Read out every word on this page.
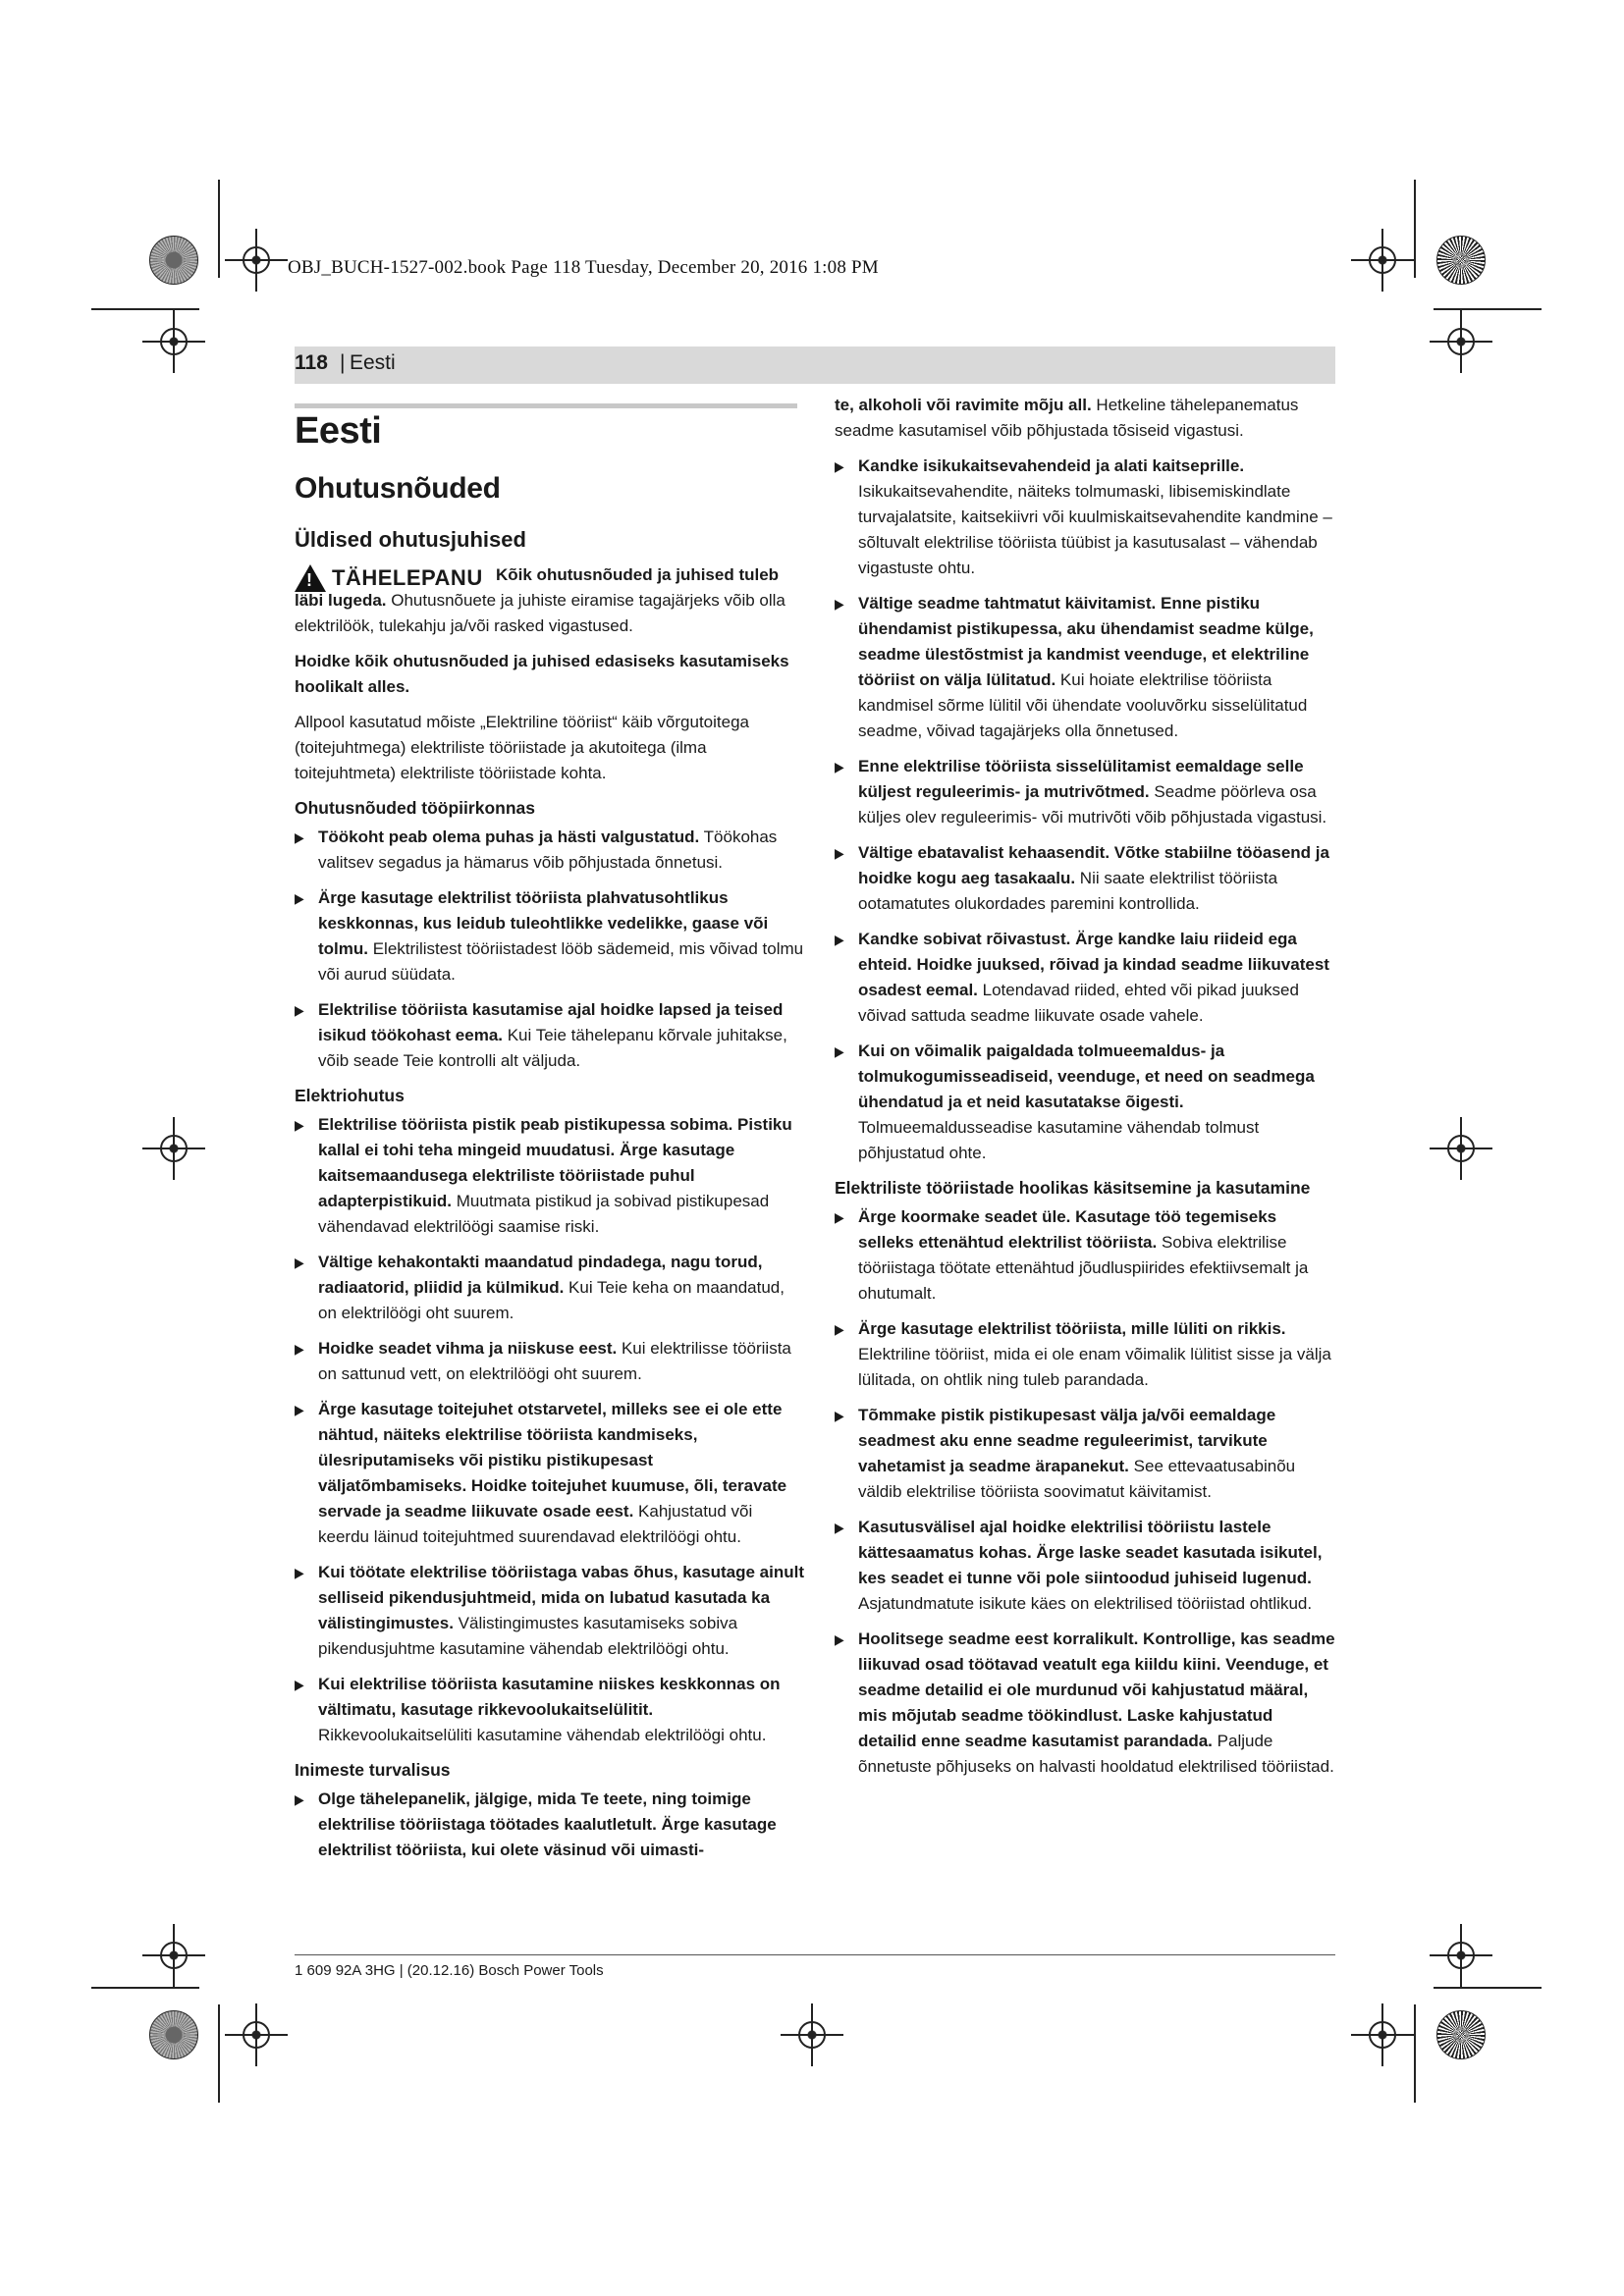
OBJ_BUCH-1527-002.book Page 118 Tuesday, December 20, 2016 1:08 PM
118 | Eesti
Eesti
Ohutusnõuded
Üldised ohutusjuhised
! TÄHELEPANU Kõik ohutusnõuded ja juhised tuleb läbi lugeda. Ohutusnõuete ja juhiste eiramise tagajärjeks võib olla elektrilöök, tulekahju ja/või rasked vigastused.

Hoidke kõik ohutusnõuded ja juhised edasiseks kasutamiseks hoolikalt alles.

Allpool kasutatud mõiste „Elektriline tööriist“ käib võrgutoitega (toitejuhtmega) elektriliste tööriistade ja akutoitega (ilma toitejuhtmeta) elektriliste tööriistade kohta.

Ohutusnõuded tööpiirkonnas

▶ Töökoht peab olema puhas ja hästi valgustatud. Töökohas valitsev segadus ja hämarus võib põhjustada õnnetusi.

▶ Ärge kasutage elektrilist tööriista plahvatusohtlikus keskkonnas, kus leidub tuleohtlikke vedelikke, gaase või tolmu. Elektrilistest tööriistadest lööb sädemeid, mis võivad tolmu või aurud süüdata.

▶ Elektrilise tööriista kasutamise ajal hoidke lapsed ja teised isikud töökohast eema. Kui Teie tähelepanu kõrvale juhitakse, võib seade Teie kontrolli alt väljuda.

Elektriohutus

▶ Elektrilise tööriista pistik peab pistikupessa sobima. Pistiku kallal ei tohi teha mingeid muudatusi. Ärge kasutage kaitsemaandusega elektriliste tööriistade puhul adapterpistikuid. Muutmata pistikud ja sobivad pistikupesad vähendavad elektrilöögi saamise riski.

▶ Vältige kehakontakti maandatud pindadega, nagu torud, radiaatorid, pliidid ja külmikud. Kui Teie keha on maandatud, on elektrilöögi oht suurem.

▶ Hoidke seadet vihma ja niiskuse eest. Kui elektrilisse tööriista on sattunud vett, on elektrilöögi oht suurem.

▶ Ärge kasutage toitejuhet otstarvetel, milleks see ei ole ette nähtud, näiteks elektrilise tööriista kandmiseks, ülesriputamiseks või pistiku pistikupesast väljatõmbamiseks. Hoidke toitejuhet kuumuse, õli, teravate servade ja seadme liikuvate osade eest. Kahjustatud või keerdu läinud toitejuhtmed suurendavad elektrilöögi ohtu.

▶ Kui töötate elektrilise tööriistaga vabas õhus, kasutage ainult selliseid pikendusjuhtmeid, mida on lubatud kasutada ka välistingimustes. Välistingimustes kasutamiseks sobiva pikendusjuhtme kasutamine vähendab elektrilöögi ohtu.

▶ Kui elektrilise tööriista kasutamine niiskes keskkonnas on vältimatu, kasutage rikkevoolukaitselülitit. Rikkevoolukaitselüliti kasutamine vähendab elektrilöögi ohtu.

Inimeste turvalisus

▶ Olge tähelepanelik, jälgige, mida Te teete, ning toimige elektrilise tööriistaga töötades kaalutletult. Ärge kasutage elektrilist tööriista, kui olete väsinud või uimasti-

te, alkoholi või ravimite mõju all. Hetkeline tähelepanematus seadme kasutamisel võib põhjustada tõsiseid vigastusi.

▶ Kandke isikukaitsevahendeid ja alati kaitseprille. Isikukaitsevahendite, näiteks tolmumaski, libisemiskindlate turvajalatsite, kaitsekiivri või kuulmiskaitsevahendite kandmine – sõltuvalt elektrilise tööriista tüübist ja kasutusalast – vähendab vigastuste ohtu.

▶ Vältige seadme tahtmatut käivitamist. Enne pistiku ühendamist pistikupessa, aku ühendamist seadme külge, seadme ülestõstmist ja kandmist veenduge, et elektriline tööriist on välja lülitatud. Kui hoiate elektrilise tööriista kandmisel sõrme lülitil või ühendate vooluvõrku sisselülitatud seadme, võivad tagajärjeks olla õnnetused.

▶ Enne elektrilise tööriista sisselülitamist eemaldage selle küljest reguleerimis- ja mutrivõtmed. Seadme pöörleva osa küljes olev reguleerimis- või mutrivõti võib põhjustada vigastusi.

▶ Vältige ebatavalist kehaasendit. Võtke stabiilne tööasend ja hoidke kogu aeg tasakaalu. Nii saate elektrilist tööriista ootamatutes olukordades paremini kontrollida.

▶ Kandke sobivat rõivastust. Ärge kandke laiu riideid ega ehteid. Hoidke juuksed, rõivad ja kindad seadme liikuvatest osadest eemal. Lotendavad riided, ehted või pikad juuksed võivad sattuda seadme liikuvate osade vahele.

▶ Kui on võimalik paigaldada tolmueemaldus- ja tolmukogumisseadiseid, veenduge, et need on seadmega ühendatud ja et neid kasutatakse õigesti. Tolmueemaldusseadise kasutamine vähendab tolmust põhjustatud ohte.

Elektriliste tööriistade hoolikas käsitsemine ja kasutamine

▶ Ärge koormake seadet üle. Kasutage töö tegemiseks selleks ettenähtud elektrilist tööriista. Sobiva elektrilise tööriistaga töötate ettenähtud jõudluspiirides efektiivsemalt ja ohutumalt.

▶ Ärge kasutage elektrilist tööriista, mille lüliti on rikkis. Elektriline tööriist, mida ei ole enam võimalik lülitist sisse ja välja lülitada, on ohtlik ning tuleb parandada.

▶ Tõmmake pistik pistikupesast välja ja/või eemaldage seadmest aku enne seadme reguleerimist, tarvikute vahetamist ja seadme ärapanekut. See ettevaatusabinõu väldib elektrilise tööriista soovimatut käivitamist.

▶ Kasutusvälisel ajal hoidke elektrilisi tööriistu lastele kättesaamatus kohas. Ärge laske seadet kasutada isikutel, kes seadet ei tunne või pole siintoodud juhiseid lugenud. Asjatundmatute isikute käes on elektrilised tööriistad ohtlikud.

▶ Hoolitsege seadme eest korralikult. Kontrollige, kas seadme liikuvad osad töötavad veatult ega kiildu kiini. Veenduge, et seadme detailid ei ole murdunud või kahjustatud määral, mis mõjutab seadme töökindlust. Laske kahjustatud detailid enne seadme kasutamist parandada. Paljude õnnetuste põhjuseks on halvasti hooldatud elektrilised tööriistad.

1 609 92A 3HG | (20.12.16) Bosch Power Tools
